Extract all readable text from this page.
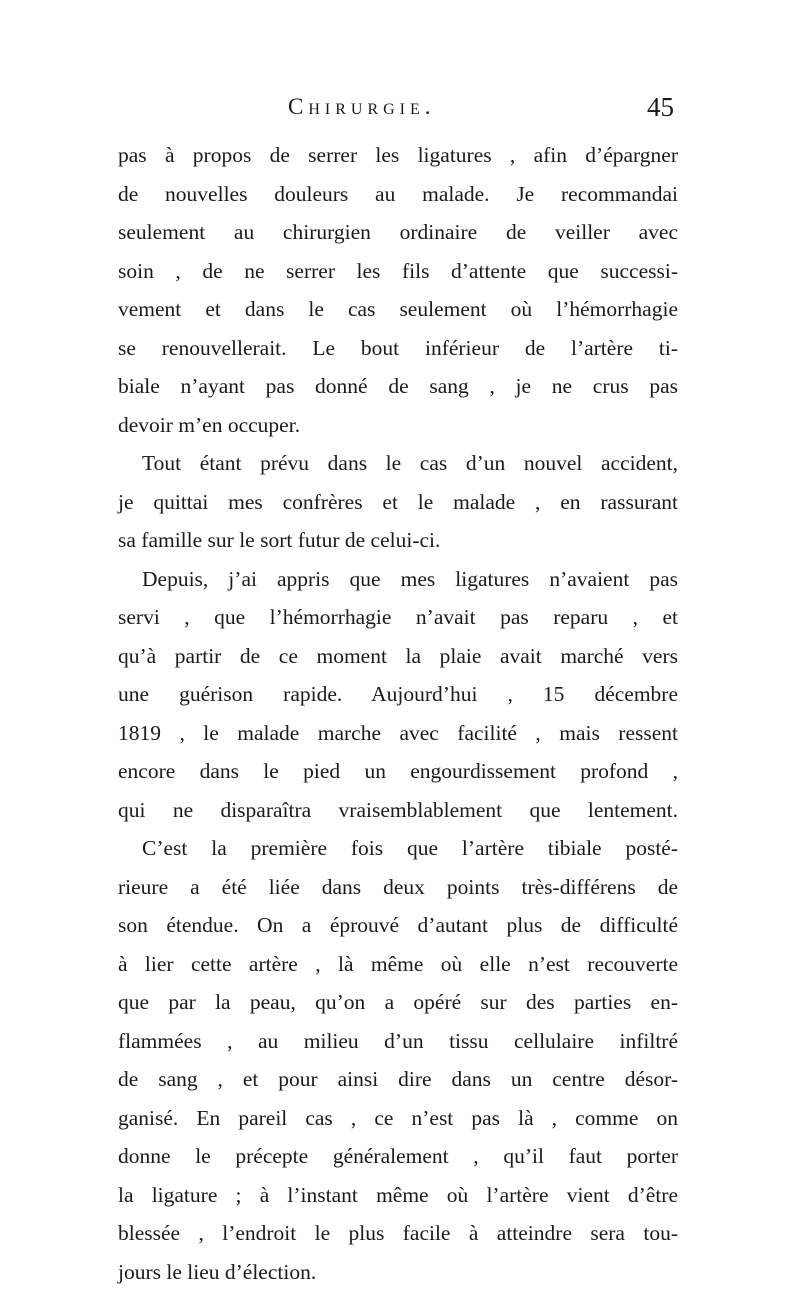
Chirurgie.	45
pas à propos de serrer les ligatures , afin d’épargner
de nouvelles douleurs au malade. Je recommandai
seulement au chirurgien ordinaire de veiller avec
soin , de ne serrer les fils d’attente que successi-
vement et dans le cas seulement où l’hémorrhagie
se renouvellerait. Le bout inférieur de l’artère ti-
biale n’ayant pas donné de sang , je ne crus pas
devoir m’en occuper.
Tout étant prévu dans le cas d’un nouvel accident,
je quittai mes confrères et le malade , en rassurant
sa famille sur le sort futur de celui-ci.
Depuis, j’ai appris que mes ligatures n’avaient pas
servi , que l’hémorrhagie n’avait pas reparu , et
qu’à partir de ce moment la plaie avait marché vers
une guérison rapide. Aujourd’hui , 15 décembre
1819 , le malade marche avec facilité , mais ressent
encore dans le pied un engourdissement profond ,
qui ne disparaîtra vraisemblablement que lentement.
C’est la première fois que l’artère tibiale posté-
rieure a été liée dans deux points très-différens de
son étendue. On a éprouvé d’autant plus de difficulté
à lier cette artère , là même où elle n’est recouverte
que par la peau, qu’on a opéré sur des parties en-
flammées , au milieu d’un tissu cellulaire infiltré
de sang , et pour ainsi dire dans un centre désor-
ganisé. En pareil cas , ce n’est pas là , comme on
donne le précepte généralement , qu’il faut porter
la ligature ; à l’instant même où l’artère vient d’être
blessée , l’endroit le plus facile à atteindre sera tou-
jours le lieu d’élection.
